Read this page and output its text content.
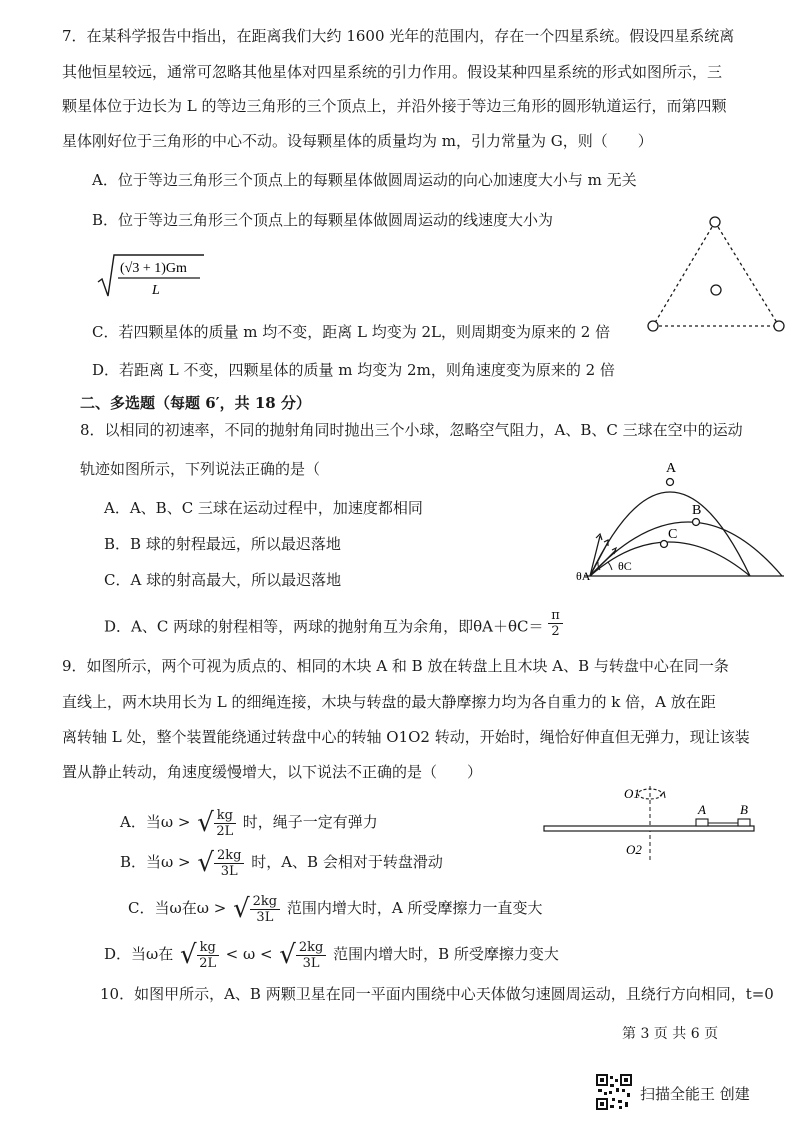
7．在某科学报告中指出，在距离我们大约 1600 光年的范围内，存在一个四星系统。假设四星系统离
其他恒星较远，通常可忽略其他星体对四星系统的引力作用。假设某种四星系统的形式如图所示，三
颗星体位于边长为 L 的等边三角形的三个顶点上，并沿外接于等边三角形的圆形轨道运行，而第四颗
星体刚好位于三角形的中心不动。设每颗星体的质量均为 m，引力常量为 G，则（　　）
A．位于等边三角形三个顶点上的每颗星体做圆周运动的向心加速度大小与 m 无关
B．位于等边三角形三个顶点上的每颗星体做圆周运动的线速度大小为
(√3 + 1)Gm
L
C．若四颗星体的质量 m 均不变，距离 L 均变为 2L，则周期变为原来的 2 倍
D．若距离 L 不变，四颗星体的质量 m 均变为 2m，则角速度变为原来的 2 倍
二、多选题（每题 6′，共 18 分）
8．以相同的初速率，不同的抛射角同时抛出三个小球，忽略空气阻力，A、B、C 三球在空中的运动
轨迹如图所示，下列说法正确的是（
A．A、B、C 三球在运动过程中，加速度都相同
B．B 球的射程最远，所以最迟落地
C．A 球的射高最大，所以最迟落地
D．A、C 两球的射程相等，两球的抛射角互为余角，即$\theta A+\theta C= \frac{\pi}{2}$
A
B
C
θA
θC
9．如图所示，两个可视为质点的、相同的木块 A 和 B 放在转盘上且木块 A、B 与转盘中心在同一条
直线上，两木块用长为 L 的细绳连接，木块与转盘的最大静摩擦力均为各自重力的 k 倍，A 放在距
离转轴 L 处，整个装置能绕通过转盘中心的转轴 O1O2 转动，开始时，绳恰好伸直但无弹力，现让该装
置从静止转动，角速度缓慢增大，以下说法不正确的是（　　）
A．当ω > √ $\frac{kg}{2L}$ 时，绳子一定有弹力
B．当ω > √ $\frac{2kg}{3L}$ 时，A、B 会相对于转盘滑动
C．当ω在ω > √ $\frac{2kg}{3L}$ 范围内增大时，A 所受摩擦力一直变大
D．当ω在 √ $\frac{kg}{2L} < \omega$ < √ $\frac{2kg}{3L}$ 范围内增大时，B 所受摩擦力变大
O1
O2
A	B
10．如图甲所示，A、B 两颗卫星在同一平面内围绕中心天体做匀速圆周运动，且绕行方向相同，t=0
第 3 页 共 6 页
扫描全能王 创建
